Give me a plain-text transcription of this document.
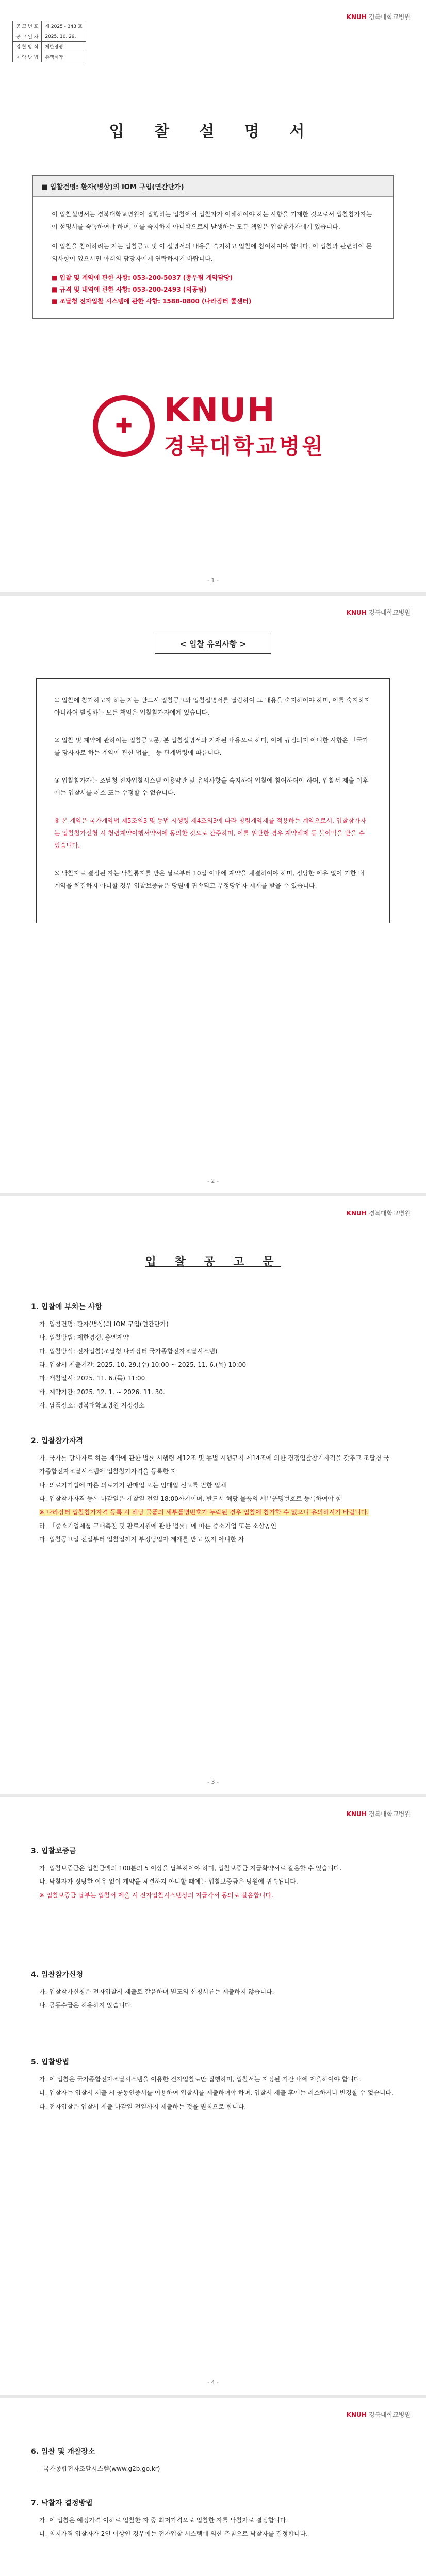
KNUH 경북대학교병원
공 고 번 호	제 2025 - 343 호
공 고 일 자	2025. 10. 29.
입 찰 방 식	제한경쟁
계 약 방 법	총액계약
입 찰 설 명 서
■ 입찰건명: 환자(병상)의 IOM 구입(연간단가)

이 입찰설명서는 경북대학교병원이 집행하는 입찰에서 입찰자가 이해하여야 하는 사항을 기재한 것으로서 입찰참가자는 이 설명서를 숙독하여야 하며, 이를 숙지하지 아니함으로써 발생하는 모든 책임은 입찰참가자에게 있습니다.

이 입찰을 참여하려는 자는 입찰공고 및 이 설명서의 내용을 숙지하고 입찰에 참여하여야 합니다. 이 입찰과 관련하여 문의사항이 있으시면 아래의 담당자에게 연락하시기 바랍니다.

■ 입찰 및 계약에 관한 사항: 053-200-5037 (총무팀 계약담당)
■ 규격 및 내역에 관한 사항: 053-200-2493 (의공팀)
■ 조달청 전자입찰 시스템에 관한 사항: 1588-0800 (나라장터 콜센터)
✚ KNUH
경북대학교병원
- 1 -
KNUH 경북대학교병원
< 입찰 유의사항 >

① 입찰에 참가하고자 하는 자는 반드시 입찰공고와 입찰설명서를 열람하여 그 내용을 숙지하여야 하며, 이를 숙지하지 아니하여 발생하는 모든 책임은 입찰참가자에게 있습니다.

② 입찰 및 계약에 관하여는 입찰공고문, 본 입찰설명서와 기재된 내용으로 하며, 이에 규정되지 아니한 사항은 「국가를 당사자로 하는 계약에 관한 법률」 등 관계법령에 따릅니다.

③ 입찰참가자는 조달청 전자입찰시스템 이용약관 및 유의사항을 숙지하여 입찰에 참여하여야 하며, 입찰서 제출 이후에는 입찰서를 취소 또는 수정할 수 없습니다.

④ 본 계약은 국가계약법 제5조의3 및 동법 시행령 제4조의3에 따라 청렴계약제를 적용하는 계약으로서, 입찰참가자는 입찰참가신청 시 청렴계약이행서약서에 동의한 것으로 간주하며, 이를 위반한 경우 계약해제 등 불이익을 받을 수 있습니다.

⑤ 낙찰자로 결정된 자는 낙찰통지를 받은 날로부터 10일 이내에 계약을 체결하여야 하며, 정당한 이유 없이 기한 내 계약을 체결하지 아니할 경우 입찰보증금은 당원에 귀속되고 부정당업자 제재를 받을 수 있습니다.

- 2 -
KNUH 경북대학교병원
입 찰 공 고 문
1. 입찰에 부치는 사항
가. 입찰건명: 환자(병상)의 IOM 구입(연간단가)
나. 입찰방법: 제한경쟁, 총액계약
다. 입찰방식: 전자입찰(조달청 나라장터 국가종합전자조달시스템)
라. 입찰서 제출기간: 2025. 10. 29.(수) 10:00 ~ 2025. 11. 6.(목) 10:00
마. 개찰일시: 2025. 11. 6.(목) 11:00
바. 계약기간: 2025. 12. 1. ~ 2026. 11. 30.
사. 납품장소: 경북대학교병원 지정장소
2. 입찰참가자격
가. 국가를 당사자로 하는 계약에 관한 법률 시행령 제12조 및 동법 시행규칙 제14조에 의한 경쟁입찰참가자격을 갖추고 조달청 국가종합전자조달시스템에 입찰참가자격을 등록한 자
나. 의료기기법에 따른 의료기기 판매업 또는 임대업 신고를 필한 업체
다. 입찰참가자격 등록 마감일은 개찰일 전일 18:00까지이며, 반드시 해당 물품의 세부품명번호로 등록하여야 함
※ 나라장터 입찰참가자격 등록 시 해당 물품의 세부품명번호가 누락된 경우 입찰에 참가할 수 없으니 유의하시기 바랍니다.
라. 「중소기업제품 구매촉진 및 판로지원에 관한 법률」에 따른 중소기업 또는 소상공인
마. 입찰공고일 전일부터 입찰일까지 부정당업자 제재를 받고 있지 아니한 자
- 3 -
KNUH 경북대학교병원
3. 입찰보증금
가. 입찰보증금은 입찰금액의 100분의 5 이상을 납부하여야 하며, 입찰보증금 지급확약서로 갈음할 수 있습니다.
나. 낙찰자가 정당한 이유 없이 계약을 체결하지 아니할 때에는 입찰보증금은 당원에 귀속됩니다.
※ 입찰보증금 납부는 입찰서 제출 시 전자입찰시스템상의 지급각서 동의로 갈음합니다.
4. 입찰참가신청
가. 입찰참가신청은 전자입찰서 제출로 갈음하며 별도의 신청서류는 제출하지 않습니다.
나. 공동수급은 허용하지 않습니다.
5. 입찰방법
가. 이 입찰은 국가종합전자조달시스템을 이용한 전자입찰로만 집행하며, 입찰서는 지정된 기간 내에 제출하여야 합니다.
나. 입찰자는 입찰서 제출 시 공동인증서를 이용하여 입찰서를 제출하여야 하며, 입찰서 제출 후에는 취소하거나 변경할 수 없습니다.
다. 전자입찰은 입찰서 제출 마감일 전일까지 제출하는 것을 원칙으로 합니다.
- 4 -
KNUH 경북대학교병원
6. 입찰 및 개찰장소
- 국가종합전자조달시스템(www.g2b.go.kr)
7. 낙찰자 결정방법
가. 이 입찰은 예정가격 이하로 입찰한 자 중 최저가격으로 입찰한 자를 낙찰자로 결정합니다.
나. 최저가격 입찰자가 2인 이상인 경우에는 전자입찰 시스템에 의한 추첨으로 낙찰자를 결정합니다.
